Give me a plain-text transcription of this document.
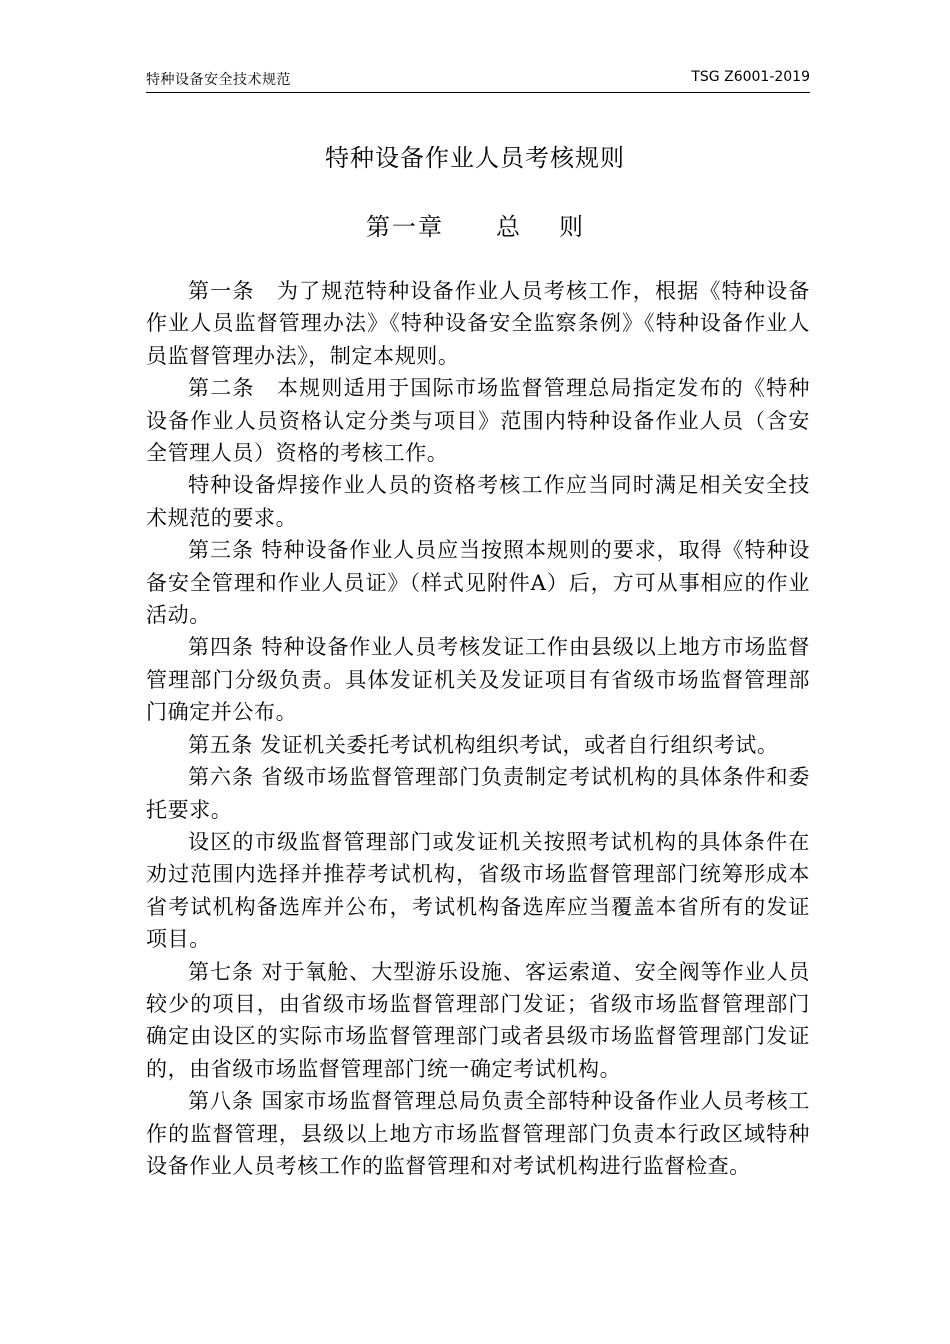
特种设备安全技术规范	TSG Z6001-2019
特种设备作业人员考核规则
第一章 总 则

第一条　为了规范特种设备作业人员考核工作，根据《特种设备作业人员监督管理办法》《特种设备安全监察条例》《特种设备作业人员监督管理办法》，制定本规则。

第二条　本规则适用于国际市场监督管理总局指定发布的《特种设备作业人员资格认定分类与项目》范围内特种设备作业人员（含安全管理人员）资格的考核工作。

特种设备焊接作业人员的资格考核工作应当同时满足相关安全技术规范的要求。

第三条 特种设备作业人员应当按照本规则的要求，取得《特种设备安全管理和作业人员证》（样式见附件A）后，方可从事相应的作业活动。

第四条 特种设备作业人员考核发证工作由县级以上地方市场监督管理部门分级负责。具体发证机关及发证项目有省级市场监督管理部门确定并公布。

第五条 发证机关委托考试机构组织考试，或者自行组织考试。

第六条 省级市场监督管理部门负责制定考试机构的具体条件和委托要求。

设区的市级监督管理部门或发证机关按照考试机构的具体条件在劝过范围内选择并推荐考试机构，省级市场监督管理部门统筹形成本省考试机构备选库并公布，考试机构备选库应当覆盖本省所有的发证项目。

第七条 对于氧舱、大型游乐设施、客运索道、安全阀等作业人员较少的项目，由省级市场监督管理部门发证；省级市场监督管理部门确定由设区的实际市场监督管理部门或者县级市场监督管理部门发证的，由省级市场监督管理部门统一确定考试机构。

第八条 国家市场监督管理总局负责全部特种设备作业人员考核工作的监督管理，县级以上地方市场监督管理部门负责本行政区域特种设备作业人员考核工作的监督管理和对考试机构进行监督检查。
